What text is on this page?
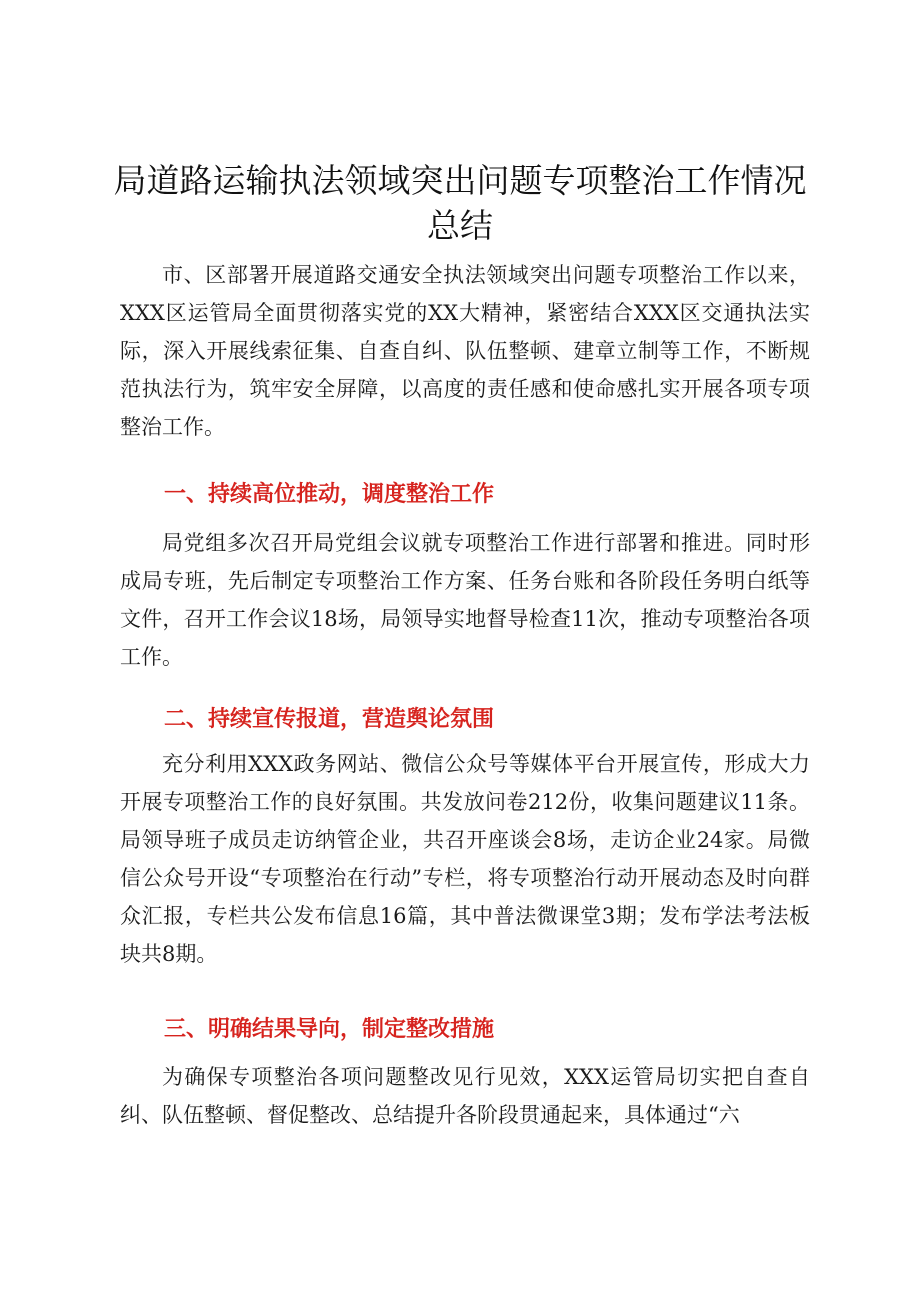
局道路运输执法领域突出问题专项整治工作情况总结

市、区部署开展道路交通安全执法领域突出问题专项整治工作以来，XXX区运管局全面贯彻落实党的XX大精神，紧密结合XXX区交通执法实际，深入开展线索征集、自查自纠、队伍整顿、建章立制等工作，不断规范执法行为，筑牢安全屏障，以高度的责任感和使命感扎实开展各项专项整治工作。

一、持续高位推动，调度整治工作

局党组多次召开局党组会议就专项整治工作进行部署和推进。同时形成局专班，先后制定专项整治工作方案、任务台账和各阶段任务明白纸等文件，召开工作会议18场，局领导实地督导检查11次，推动专项整治各项工作。

二、持续宣传报道，营造舆论氛围

充分利用XXX政务网站、微信公众号等媒体平台开展宣传，形成大力开展专项整治工作的良好氛围。共发放问卷212份，收集问题建议11条。局领导班子成员走访纳管企业，共召开座谈会8场，走访企业24家。局微信公众号开设“专项整治在行动”专栏，将专项整治行动开展动态及时向群众汇报，专栏共公发布信息16篇，其中普法微课堂3期；发布学法考法板块共8期。

三、明确结果导向，制定整改措施

为确保专项整治各项问题整改见行见效，XXX运管局切实把自查自纠、队伍整顿、督促整改、总结提升各阶段贯通起来，具体通过“六
